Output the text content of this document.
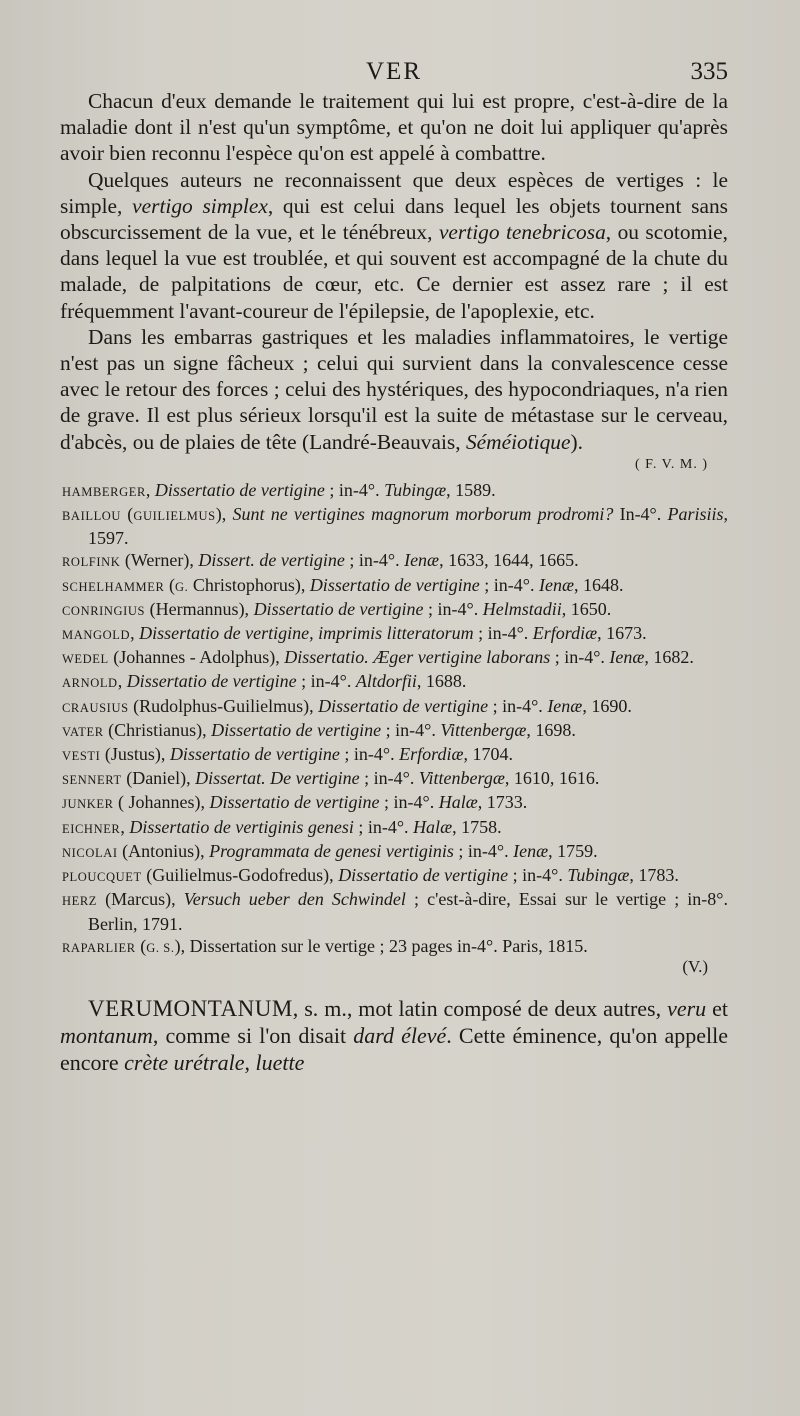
VER	335

Chacun d'eux demande le traitement qui lui est propre, c'est-à-dire de la maladie dont il n'est qu'un symptôme, et qu'on ne doit lui appliquer qu'après avoir bien reconnu l'espèce qu'on est appelé à combattre.

Quelques auteurs ne reconnaissent que deux espèces de vertiges : le simple, vertigo simplex, qui est celui dans lequel les objets tournent sans obscurcissement de la vue, et le ténébreux, vertigo tenebricosa, ou scotomie, dans lequel la vue est troublée, et qui souvent est accompagné de la chute du malade, de palpitations de cœur, etc. Ce dernier est assez rare ; il est fréquemment l'avant-coureur de l'épilepsie, de l'apoplexie, etc.

Dans les embarras gastriques et les maladies inflammatoires, le vertige n'est pas un signe fâcheux ; celui qui survient dans la convalescence cesse avec le retour des forces ; celui des hystériques, des hypocondriaques, n'a rien de grave. Il est plus sérieux lorsqu'il est la suite de métastase sur le cerveau, d'abcès, ou de plaies de tête (Landré-Beauvais, Séméiotique).

( F. V. M. )

HAMBERGER, Dissertatio de vertigine ; in-4°. Tubingæ, 1589.

BAILLOU (GUILIELMUS), Sunt ne vertigines magnorum morborum prodromi? In-4°. Parisiis, 1597.

ROLFINK (Werner), Dissert. de vertigine ; in-4°. Ienæ, 1633, 1644, 1665.

SCHELHAMMER (G. Christophorus), Dissertatio de vertigine ; in-4°. Ienæ, 1648.

CONRINGIUS (Hermannus), Dissertatio de vertigine ; in-4°. Helmstadii, 1650.

MANGOLD, Dissertatio de vertigine, imprimis litteratorum ; in-4°. Erfordiæ, 1673.

WEDEL (Johannes - Adolphus), Dissertatio. Æger vertigine laborans ; in-4°. Ienæ, 1682.

ARNOLD, Dissertatio de vertigine ; in-4°. Altdorfii, 1688.

CRAUSIUS (Rudolphus-Guilielmus), Dissertatio de vertigine ; in-4°. Ienæ, 1690.

VATER (Christianus), Dissertatio de vertigine ; in-4°. Vittenbergæ, 1698.

VESTI (Justus), Dissertatio de vertigine ; in-4°. Erfordiæ, 1704.

SENNERT (Daniel), Dissertat. De vertigine ; in-4°. Vittenbergæ, 1610, 1616.

JUNKER ( Johannes), Dissertatio de vertigine ; in-4°. Halæ, 1733.

EICHNER, Dissertatio de vertiginis genesi ; in-4°. Halæ, 1758.

NICOLAI (Antonius), Programmata de genesi vertiginis ; in-4°. Ienæ, 1759.

PLOUCQUET (Guilielmus-Godofredus), Dissertatio de vertigine ; in-4°. Tubingæ, 1783.

HERZ (Marcus), Versuch ueber den Schwindel ; c'est-à-dire, Essai sur le vertige ; in-8°. Berlin, 1791.

RAPARLIER (G. S.), Dissertation sur le vertige ; 23 pages in-4°. Paris, 1815.

(V.)

VERUMONTANUM, s. m., mot latin composé de deux autres, veru et montanum, comme si l'on disait dard élevé. Cette éminence, qu'on appelle encore crète urétrale, luette
